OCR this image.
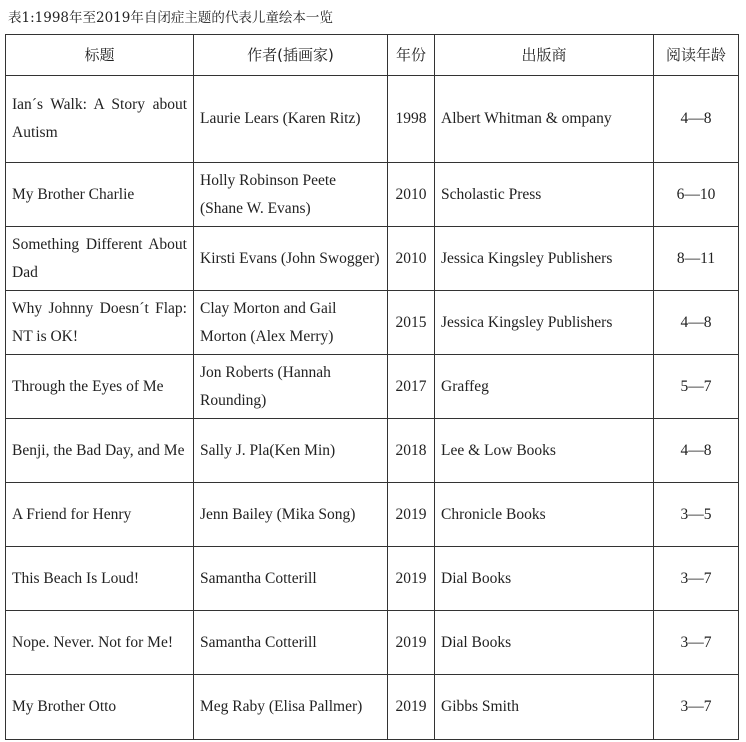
表1:1998年至2019年自闭症主题的代表儿童绘本一览
标题	作者(插画家)	年份	出版商	阅读年龄
Ian´s Walk: A Story about Autism	Laurie Lears (Karen Ritz)	1998	Albert Whitman & ompany	4—8
My Brother Charlie	Holly Robinson Peete (Shane W. Evans)	2010	Scholastic Press	6—10
Something Different About Dad	Kirsti Evans (John Swogger)	2010	Jessica Kingsley Publishers	8—11
Why Johnny Doesn´t Flap: NT is OK!	Clay Morton and Gail Morton (Alex Merry)	2015	Jessica Kingsley Publishers	4—8
Through the Eyes of Me	Jon Roberts (Hannah Rounding)	2017	Graffeg	5—7
Benji, the Bad Day, and Me	Sally J. Pla(Ken Min)	2018	Lee & Low Books	4—8
A Friend for Henry	Jenn Bailey (Mika Song)	2019	Chronicle Books	3—5
This Beach Is Loud!	Samantha Cotterill	2019	Dial Books	3—7
Nope. Never. Not for Me!	Samantha Cotterill	2019	Dial Books	3—7
My Brother Otto	Meg Raby (Elisa Pallmer)	2019	Gibbs Smith	3—7
